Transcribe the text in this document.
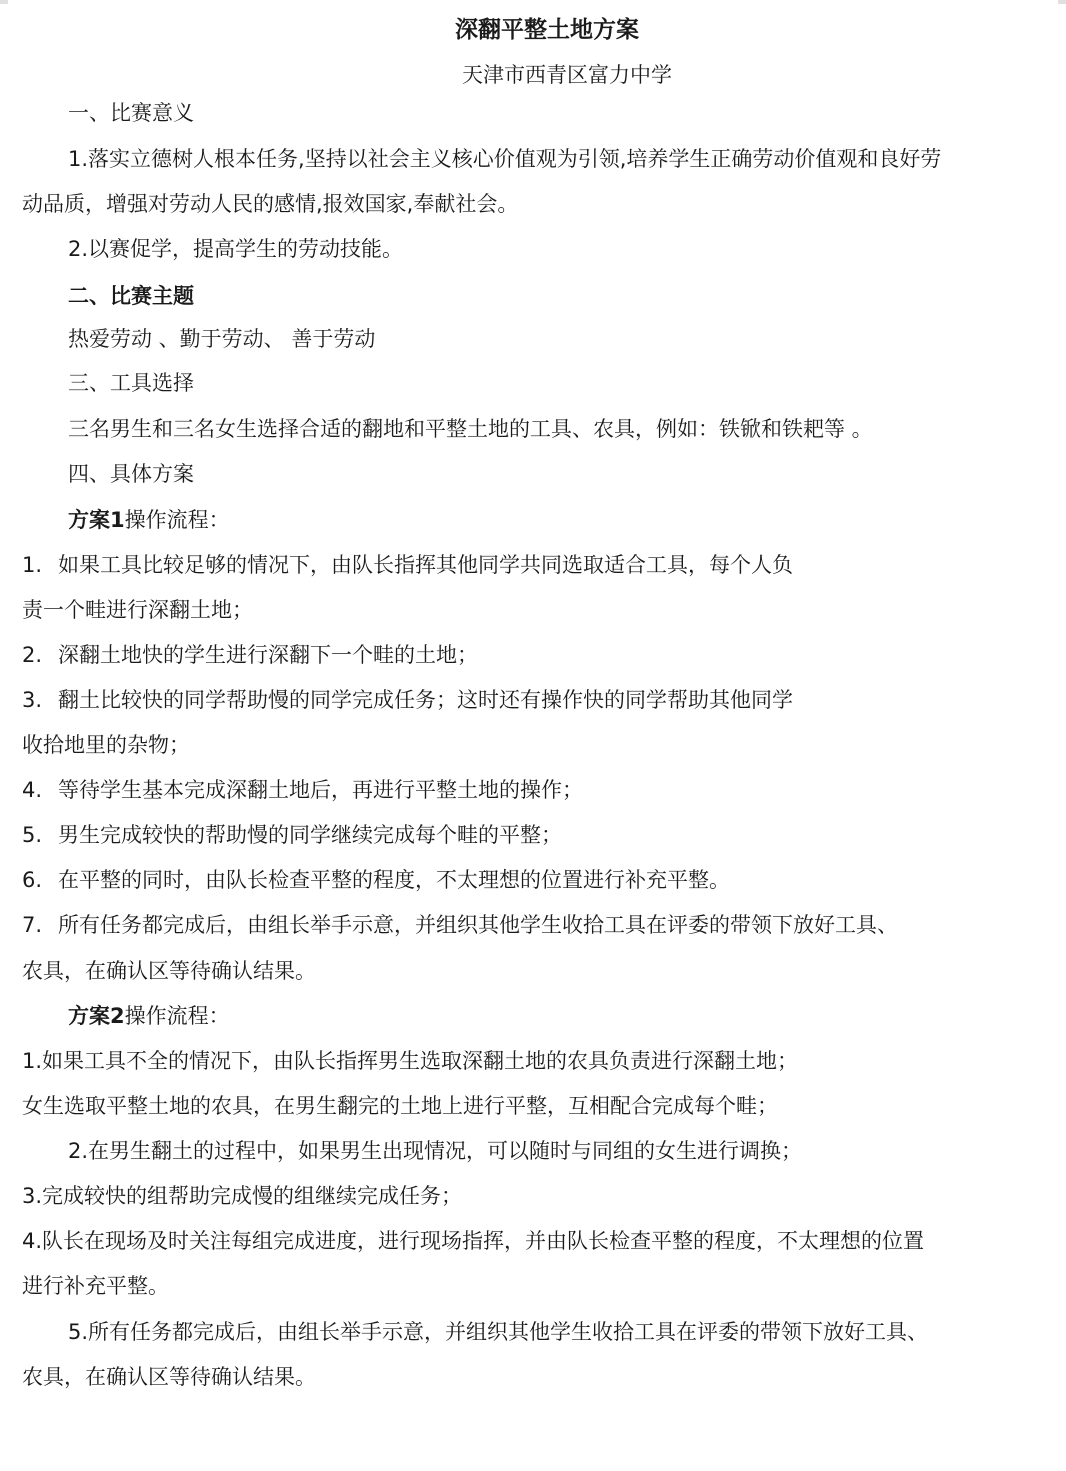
深翻平整土地方案

天津市西青区富力中学

一、比赛意义

1.落实立德树人根本任务,坚持以社会主义核心价值观为引领,培养学生正确劳动价值观和良好劳

动品质，增强对劳动人民的感情,报效国家,奉献社会。

2.以赛促学，提高学生的劳动技能。

二、比赛主题

热爱劳动 、勤于劳动、 善于劳动

三、工具选择

三名男生和三名女生选择合适的翻地和平整土地的工具、农具，例如：铁锨和铁耙等 。

四、具体方案

方案1操作流程：

1. 如果工具比较足够的情况下，由队长指挥其他同学共同选取适合工具，每个人负

责一个畦进行深翻土地；

2. 深翻土地快的学生进行深翻下一个畦的土地；

3. 翻土比较快的同学帮助慢的同学完成任务；这时还有操作快的同学帮助其他同学

收拾地里的杂物；

4. 等待学生基本完成深翻土地后，再进行平整土地的操作；

5. 男生完成较快的帮助慢的同学继续完成每个畦的平整；

6. 在平整的同时，由队长检查平整的程度，不太理想的位置进行补充平整。

7. 所有任务都完成后，由组长举手示意，并组织其他学生收拾工具在评委的带领下放好工具、

农具，在确认区等待确认结果。

方案2操作流程：

1.如果工具不全的情况下，由队长指挥男生选取深翻土地的农具负责进行深翻土地；

女生选取平整土地的农具，在男生翻完的土地上进行平整，互相配合完成每个畦；

2.在男生翻土的过程中，如果男生出现情况，可以随时与同组的女生进行调换；

3.完成较快的组帮助完成慢的组继续完成任务；

4.队长在现场及时关注每组完成进度，进行现场指挥，并由队长检查平整的程度，不太理想的位置

进行补充平整。

5.所有任务都完成后，由组长举手示意，并组织其他学生收拾工具在评委的带领下放好工具、

农具，在确认区等待确认结果。
